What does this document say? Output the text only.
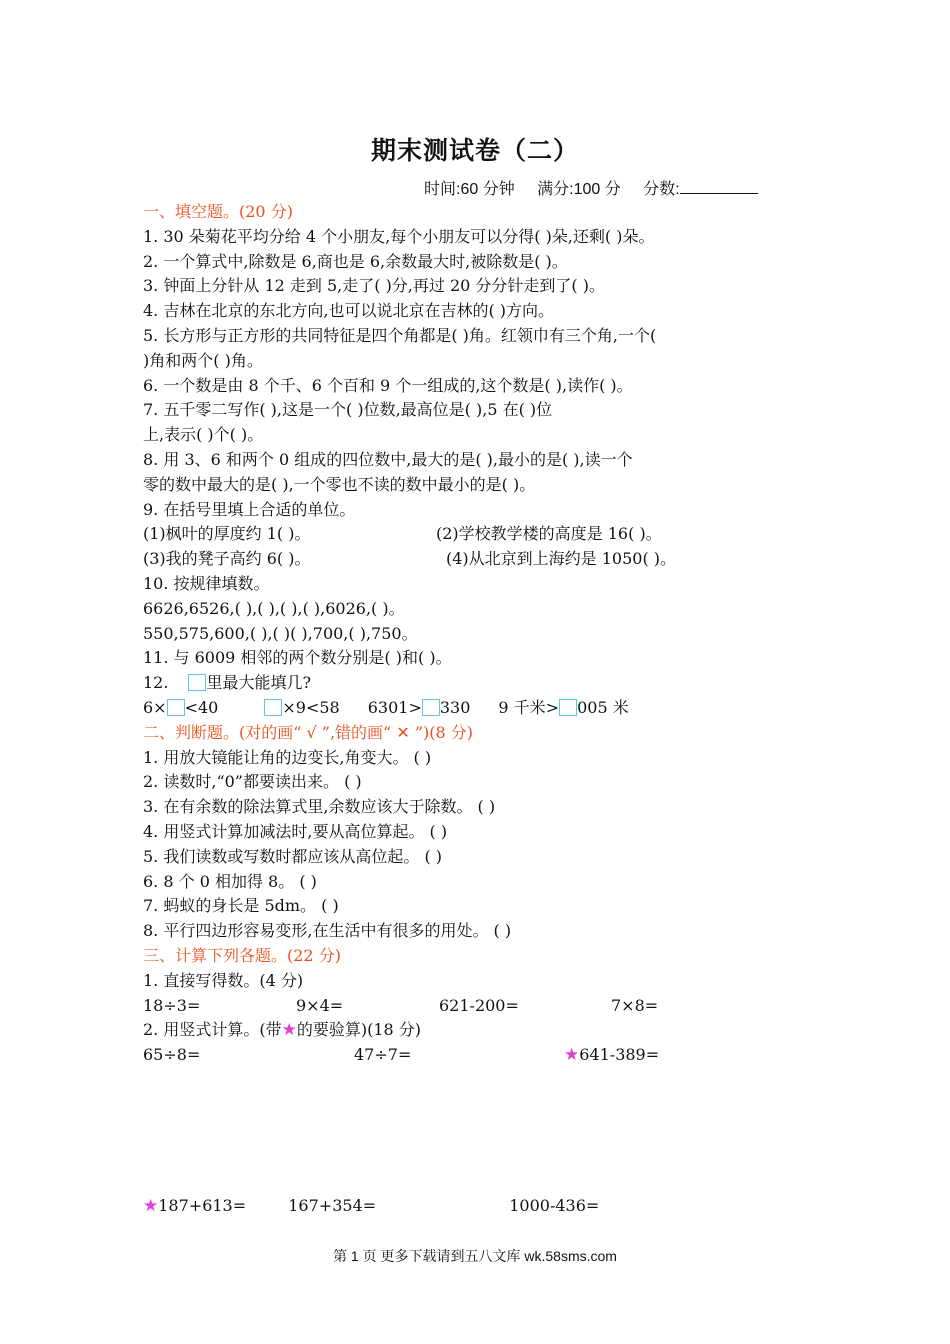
期末测试卷（二）
时间:60 分钟 满分:100 分 分数:
一、填空题。(20 分)
1. 30 朵菊花平均分给 4 个小朋友,每个小朋友可以分得( )朵,还剩( )朵。
2. 一个算式中,除数是 6,商也是 6,余数最大时,被除数是( )。
3. 钟面上分针从 12 走到 5,走了( )分,再过 20 分分针走到了( )。
4. 吉林在北京的东北方向,也可以说北京在吉林的( )方向。
5. 长方形与正方形的共同特征是四个角都是( )角。红领巾有三个角,一个(
)角和两个( )角。
6. 一个数是由 8 个千、6 个百和 9 个一组成的,这个数是( ),读作( )。
7. 五千零二写作( ),这是一个( )位数,最高位是( ),5 在( )位
上,表示( )个( )。
8. 用 3、6 和两个 0 组成的四位数中,最大的是( ),最小的是( ),读一个
零的数中最大的是( ),一个零也不读的数中最小的是( )。
9. 在括号里填上合适的单位。
(1)枫叶的厚度约 1( )。	(2)学校教学楼的高度是 16( )。
(3)我的凳子高约 6( )。	(4)从北京到上海约是 1050( )。
10. 按规律填数。
6626,6526,( ),( ),( ),( ),6026,( )。
550,575,600,( ),( )( ),700,( ),750。
11. 与 6009 相邻的两个数分别是( )和( )。
12. 里最大能填几?
6× <40	×9<58 6301> 330 9 千米> 005 米
二、判断题。(对的画“ √ ”,错的画“ ✕ ”)(8 分)
1. 用放大镜能让角的边变长,角变大。 ( )
2. 读数时,“0”都要读出来。 ( )
3. 在有余数的除法算式里,余数应该大于除数。 ( )
4. 用竖式计算加减法时,要从高位算起。 ( )
5. 我们读数或写数时都应该从高位起。 ( )
6. 8 个 0 相加得 8。 ( )
7. 蚂蚁的身长是 5dm。 ( )
8. 平行四边形容易变形,在生活中有很多的用处。 ( )
三、计算下列各题。(22 分)
1. 直接写得数。(4 分)
18÷3=	9×4=	621-200=	7×8=
2. 用竖式计算。(带★的要验算)(18 分)
65÷8=	47÷7=	★641-389=
★187+613=	167+354=	1000-436=
第 1 页 更多下载请到五八文库 wk.58sms.com
